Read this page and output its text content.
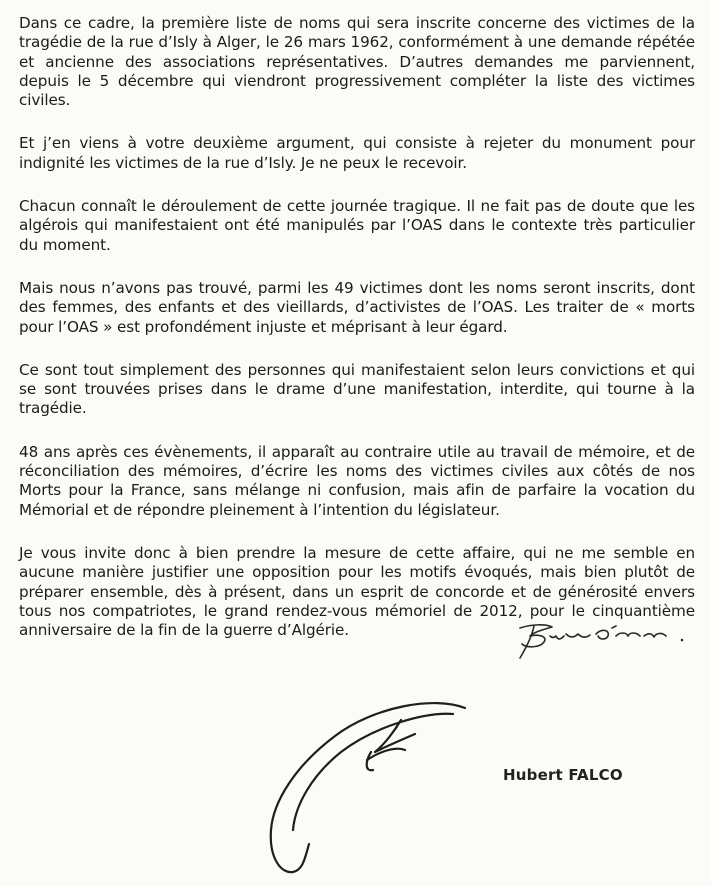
Dans ce cadre, la première liste de noms qui sera inscrite concerne des victimes de la tragédie de la rue d’Isly à Alger, le 26 mars 1962, conformément à une demande répétée et ancienne des associations représentatives. D’autres demandes me parviennent, depuis le 5 décembre qui viendront progressivement compléter la liste des victimes civiles.

Et j’en viens à votre deuxième argument, qui consiste à rejeter du monument pour indignité les victimes de la rue d’Isly. Je ne peux le recevoir.

Chacun connaît le déroulement de cette journée tragique. Il ne fait pas de doute que les algérois qui manifestaient ont été manipulés par l’OAS dans le contexte très particulier du moment.

Mais nous n’avons pas trouvé, parmi les 49 victimes dont les noms seront inscrits, dont des femmes, des enfants et des vieillards, d’activistes de l’OAS. Les traiter de « morts pour l’OAS » est profondément injuste et méprisant à leur égard.

Ce sont tout simplement des personnes qui manifestaient selon leurs convictions et qui se sont trouvées prises dans le drame d’une manifestation, interdite, qui tourne à la tragédie.

48 ans après ces évènements, il apparaît au contraire utile au travail de mémoire, et de réconciliation des mémoires, d’écrire les noms des victimes civiles aux côtés de nos Morts pour la France, sans mélange ni confusion, mais afin de parfaire la vocation du Mémorial et de répondre pleinement à l’intention du législateur.

Je vous invite donc à bien prendre la mesure de cette affaire, qui ne me semble en aucune manière justifier une opposition pour les motifs évoqués, mais bien plutôt de préparer ensemble, dès à présent, dans un esprit de concorde et de générosité envers tous nos compatriotes, le grand rendez-vous mémoriel de 2012, pour le cinquantième anniversaire de la fin de la guerre d’Algérie.

Hubert FALCO
